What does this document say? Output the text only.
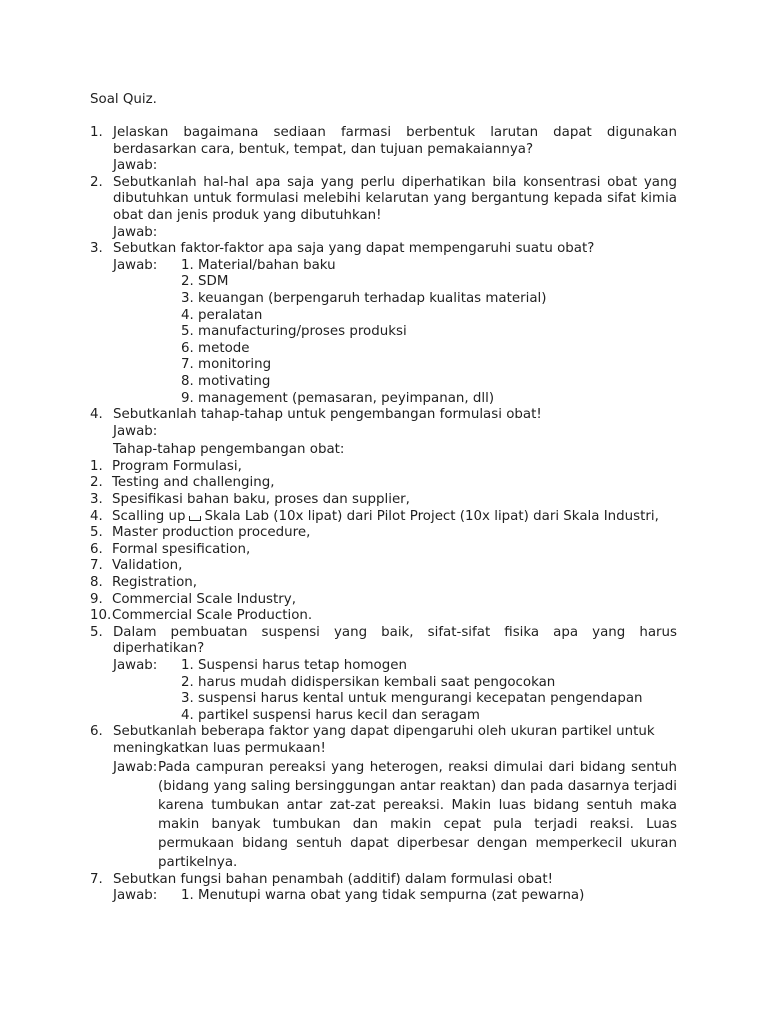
Soal Quiz.
1. Jelaskan bagaimana sediaan farmasi berbentuk larutan dapat digunakan berdasarkan cara, bentuk, tempat, dan tujuan pemakaiannya?
Jawab:
2. Sebutkanlah hal-hal apa saja yang perlu diperhatikan bila konsentrasi obat yang dibutuhkan untuk formulasi melebihi kelarutan yang bergantung kepada sifat kimia obat dan jenis produk yang dibutuhkan!
Jawab:
3. Sebutkan faktor-faktor apa saja yang dapat mempengaruhi suatu obat?
Jawab: 1. Material/bahan baku
2. SDM
3. keuangan (berpengaruh terhadap kualitas material)
4. peralatan
5. manufacturing/proses produksi
6. metode
7. monitoring
8. motivating
9. management (pemasaran, peyimpanan, dll)
4. Sebutkanlah tahap-tahap untuk pengembangan formulasi obat!
Jawab:
Tahap-tahap pengembangan obat:
1. Program Formulasi,
2. Testing and challenging,
3. Spesifikasi bahan baku, proses dan supplier,
4. Scalling up Skala Lab (10x lipat) dari Pilot Project (10x lipat) dari Skala Industri,
5. Master production procedure,
6. Formal spesification,
7. Validation,
8. Registration,
9. Commercial Scale Industry,
10. Commercial Scale Production.
5. Dalam pembuatan suspensi yang baik, sifat-sifat fisika apa yang harus diperhatikan?
Jawab: 1. Suspensi harus tetap homogen
2. harus mudah didispersikan kembali saat pengocokan
3. suspensi harus kental untuk mengurangi kecepatan pengendapan
4. partikel suspensi harus kecil dan seragam
6. Sebutkanlah beberapa faktor yang dapat dipengaruhi oleh ukuran partikel untuk meningkatkan luas permukaan!
Jawab: Pada campuran pereaksi yang heterogen, reaksi dimulai dari bidang sentuh (bidang yang saling bersinggungan antar reaktan) dan pada dasarnya terjadi karena tumbukan antar zat-zat pereaksi. Makin luas bidang sentuh maka makin banyak tumbukan dan makin cepat pula terjadi reaksi. Luas permukaan bidang sentuh dapat diperbesar dengan memperkecil ukuran partikelnya.
7. Sebutkan fungsi bahan penambah (additif) dalam formulasi obat!
Jawab: 1. Menutupi warna obat yang tidak sempurna (zat pewarna)
